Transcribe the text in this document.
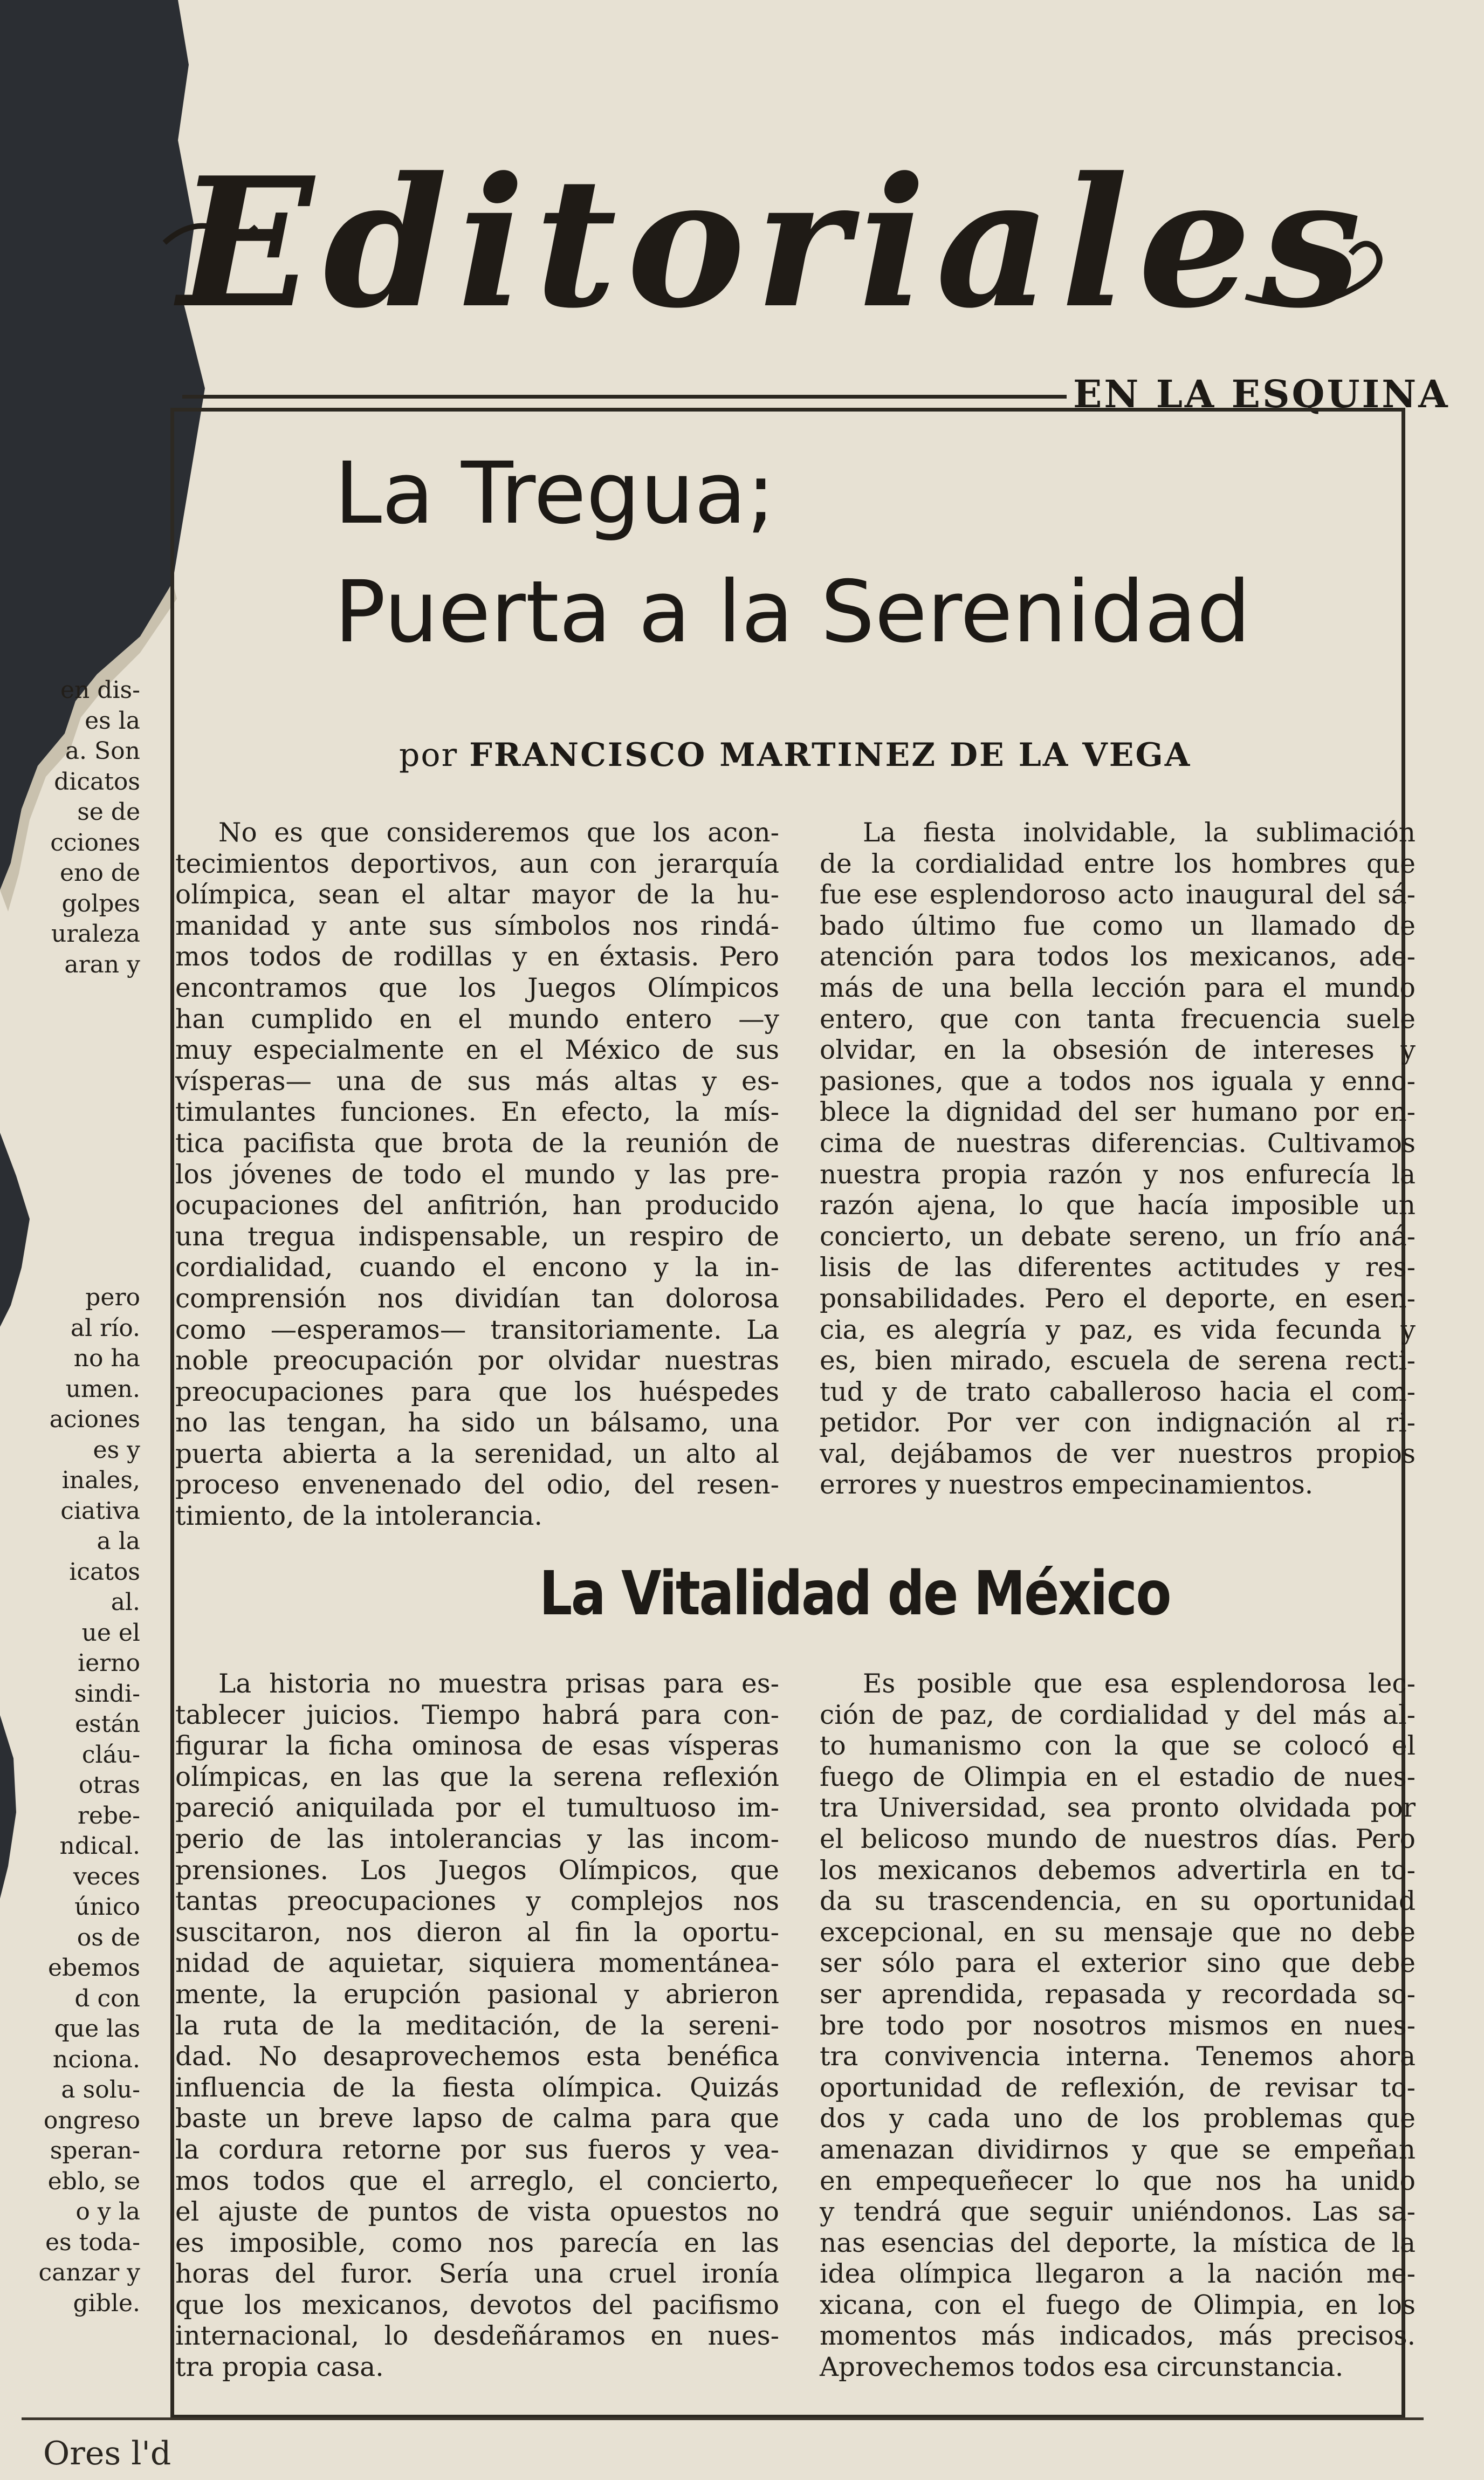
Editoriales
EN LA ESQUINA
La Tregua;
Puerta a la Serenidad
por FRANCISCO MARTINEZ DE LA VEGA
No es que consideremos que los acon-
tecimientos deportivos, aun con jerarquía
olímpica, sean el altar mayor de la hu-
manidad y ante sus símbolos nos rindá-
mos todos de rodillas y en éxtasis. Pero
encontramos que los Juegos Olímpicos
han cumplido en el mundo entero —y
muy especialmente en el México de sus
vísperas— una de sus más altas y es-
timulantes funciones. En efecto, la mís-
tica pacifista que brota de la reunión de
los jóvenes de todo el mundo y las pre-
ocupaciones del anfitrión, han producido
una tregua indispensable, un respiro de
cordialidad, cuando el encono y la in-
comprensión nos dividían tan dolorosa
como —esperamos— transitoriamente. La
noble preocupación por olvidar nuestras
preocupaciones para que los huéspedes
no las tengan, ha sido un bálsamo, una
puerta abierta a la serenidad, un alto al
proceso envenenado del odio, del resen-
timiento, de la intolerancia.
La fiesta inolvidable, la sublimación
de la cordialidad entre los hombres que
fue ese esplendoroso acto inaugural del sá-
bado último fue como un llamado de
atención para todos los mexicanos, ade-
más de una bella lección para el mundo
entero, que con tanta frecuencia suele
olvidar, en la obsesión de intereses y
pasiones, que a todos nos iguala y enno-
blece la dignidad del ser humano por en-
cima de nuestras diferencias. Cultivamos
nuestra propia razón y nos enfurecía la
razón ajena, lo que hacía imposible un
concierto, un debate sereno, un frío aná-
lisis de las diferentes actitudes y res-
ponsabilidades. Pero el deporte, en esen-
cia, es alegría y paz, es vida fecunda y
es, bien mirado, escuela de serena recti-
tud y de trato caballeroso hacia el com-
petidor. Por ver con indignación al ri-
val, dejábamos de ver nuestros propios
errores y nuestros empecinamientos.
La Vitalidad de México
La historia no muestra prisas para es-
tablecer juicios. Tiempo habrá para con-
figurar la ficha ominosa de esas vísperas
olímpicas, en las que la serena reflexión
pareció aniquilada por el tumultuoso im-
perio de las intolerancias y las incom-
prensiones. Los Juegos Olímpicos, que
tantas preocupaciones y complejos nos
suscitaron, nos dieron al fin la oportu-
nidad de aquietar, siquiera momentánea-
mente, la erupción pasional y abrieron
la ruta de la meditación, de la sereni-
dad. No desaprovechemos esta benéfica
influencia de la fiesta olímpica. Quizás
baste un breve lapso de calma para que
la cordura retorne por sus fueros y vea-
mos todos que el arreglo, el concierto,
el ajuste de puntos de vista opuestos no
es imposible, como nos parecía en las
horas del furor. Sería una cruel ironía
que los mexicanos, devotos del pacifismo
internacional, lo desdeñáramos en nues-
tra propia casa.
Es posible que esa esplendorosa lec-
ción de paz, de cordialidad y del más al-
to humanismo con la que se colocó el
fuego de Olimpia en el estadio de nues-
tra Universidad, sea pronto olvidada por
el belicoso mundo de nuestros días. Pero
los mexicanos debemos advertirla en to-
da su trascendencia, en su oportunidad
excepcional, en su mensaje que no debe
ser sólo para el exterior sino que debe
ser aprendida, repasada y recordada so-
bre todo por nosotros mismos en nues-
tra convivencia interna. Tenemos ahora
oportunidad de reflexión, de revisar to-
dos y cada uno de los problemas que
amenazan dividirnos y que se empeñan
en empequeñecer lo que nos ha unido
y tendrá que seguir uniéndonos. Las sa-
nas esencias del deporte, la mística de la
idea olímpica llegaron a la nación me-
xicana, con el fuego de Olimpia, en los
momentos más indicados, más precisos.
Aprovechemos todos esa circunstancia.
en dis-
es la
a. Son
dicatos
se de
cciones
eno de
golpes
uraleza
aran y
pero
al río.
no ha
umen.
aciones
es y
inales,
ciativa
a la
icatos
al.
ue el
ierno
sindi-
están
cláu-
otras
rebe-
ndical.
veces
único
os de
ebemos
d con
que las
nciona.
a solu-
ongreso
speran-
eblo, se
o y la
es toda-
canzar y
gible.
Ores l'd
